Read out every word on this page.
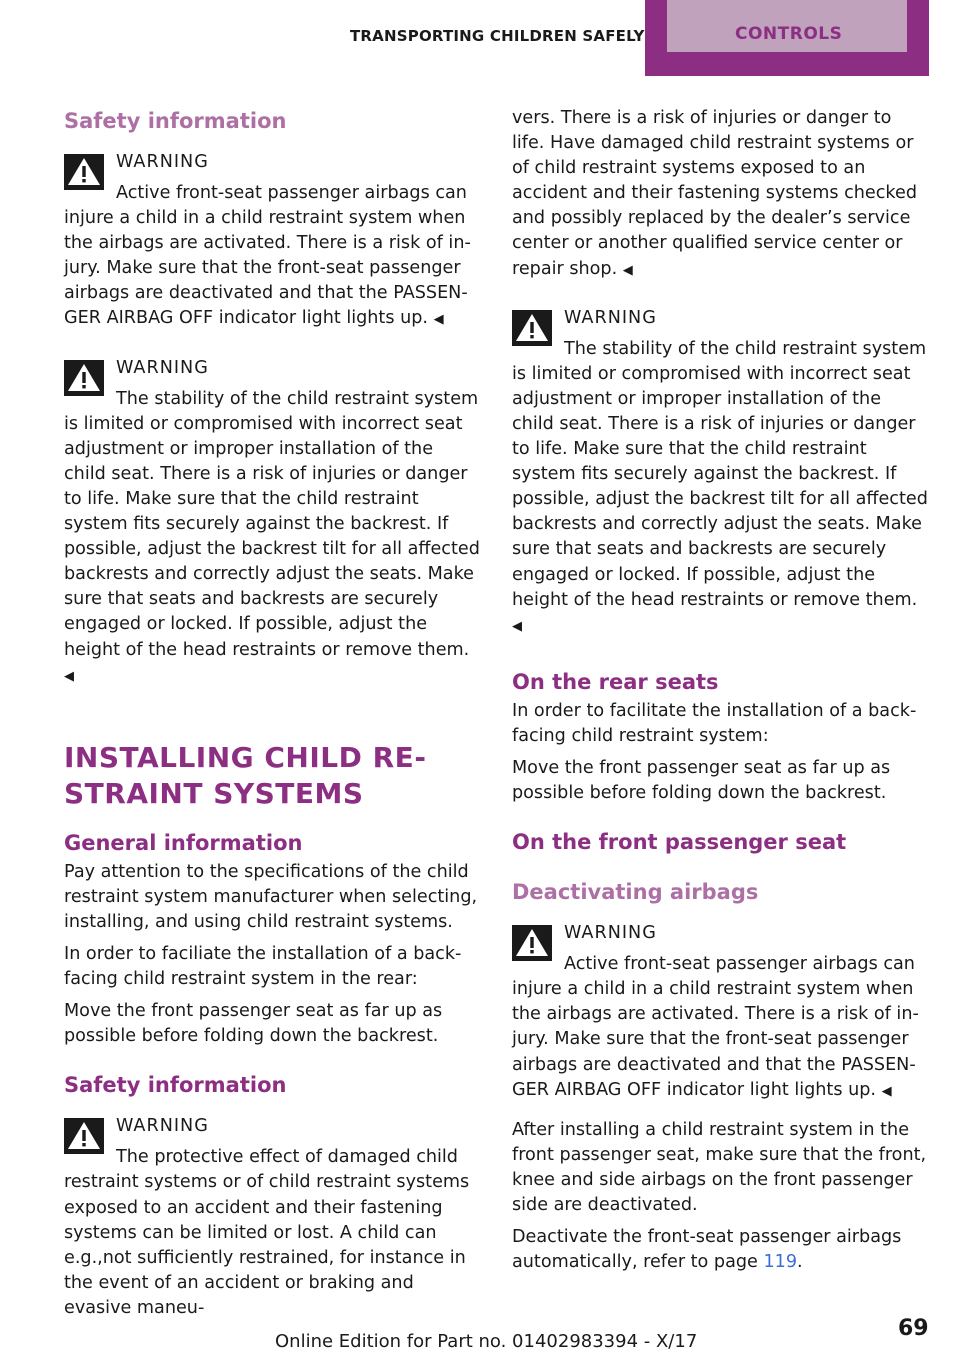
TRANSPORTING CHILDREN SAFELY	CONTROLS
Safety information
WARNING
Active front-seat passenger airbags can injure a child in a child restraint system when the airbags are activated. There is a risk of injury. Make sure that the front-seat passenger airbags are deactivated and that the PASSENGER AIRBAG OFF indicator light lights up. ◀
WARNING
The stability of the child restraint system is limited or compromised with incorrect seat adjustment or improper installation of the child seat. There is a risk of injuries or danger to life. Make sure that the child restraint system fits securely against the backrest. If possible, adjust the backrest tilt for all affected backrests and correctly adjust the seats. Make sure that seats and backrests are securely engaged or locked. If possible, adjust the height of the head restraints or remove them. ◀
INSTALLING CHILD RESTRAINT SYSTEMS
General information
Pay attention to the specifications of the child restraint system manufacturer when selecting, installing, and using child restraint systems.
In order to faciliate the installation of a backfacing child restraint system in the rear:
Move the front passenger seat as far up as possible before folding down the backrest.
Safety information
WARNING
The protective effect of damaged child restraint systems or of child restraint systems exposed to an accident and their fastening systems can be limited or lost. A child can e.g.,not sufficiently restrained, for instance in the event of an accident or braking and evasive maneu-
vers. There is a risk of injuries or danger to life. Have damaged child restraint systems or of child restraint systems exposed to an accident and their fastening systems checked and possibly replaced by the dealer’s service center or another qualified service center or repair shop. ◀
WARNING
The stability of the child restraint system is limited or compromised with incorrect seat adjustment or improper installation of the child seat. There is a risk of injuries or danger to life. Make sure that the child restraint system fits securely against the backrest. If possible, adjust the backrest tilt for all affected backrests and correctly adjust the seats. Make sure that seats and backrests are securely engaged or locked. If possible, adjust the height of the head restraints or remove them. ◀
On the rear seats
In order to facilitate the installation of a backfacing child restraint system:
Move the front passenger seat as far up as possible before folding down the backrest.
On the front passenger seat
Deactivating airbags
WARNING
Active front-seat passenger airbags can injure a child in a child restraint system when the airbags are activated. There is a risk of injury. Make sure that the front-seat passenger airbags are deactivated and that the PASSENGER AIRBAG OFF indicator light lights up. ◀
After installing a child restraint system in the front passenger seat, make sure that the front, knee and side airbags on the front passenger side are deactivated.
Deactivate the front-seat passenger airbags automatically, refer to page 119.
69
Online Edition for Part no. 01402983394 - X/17
